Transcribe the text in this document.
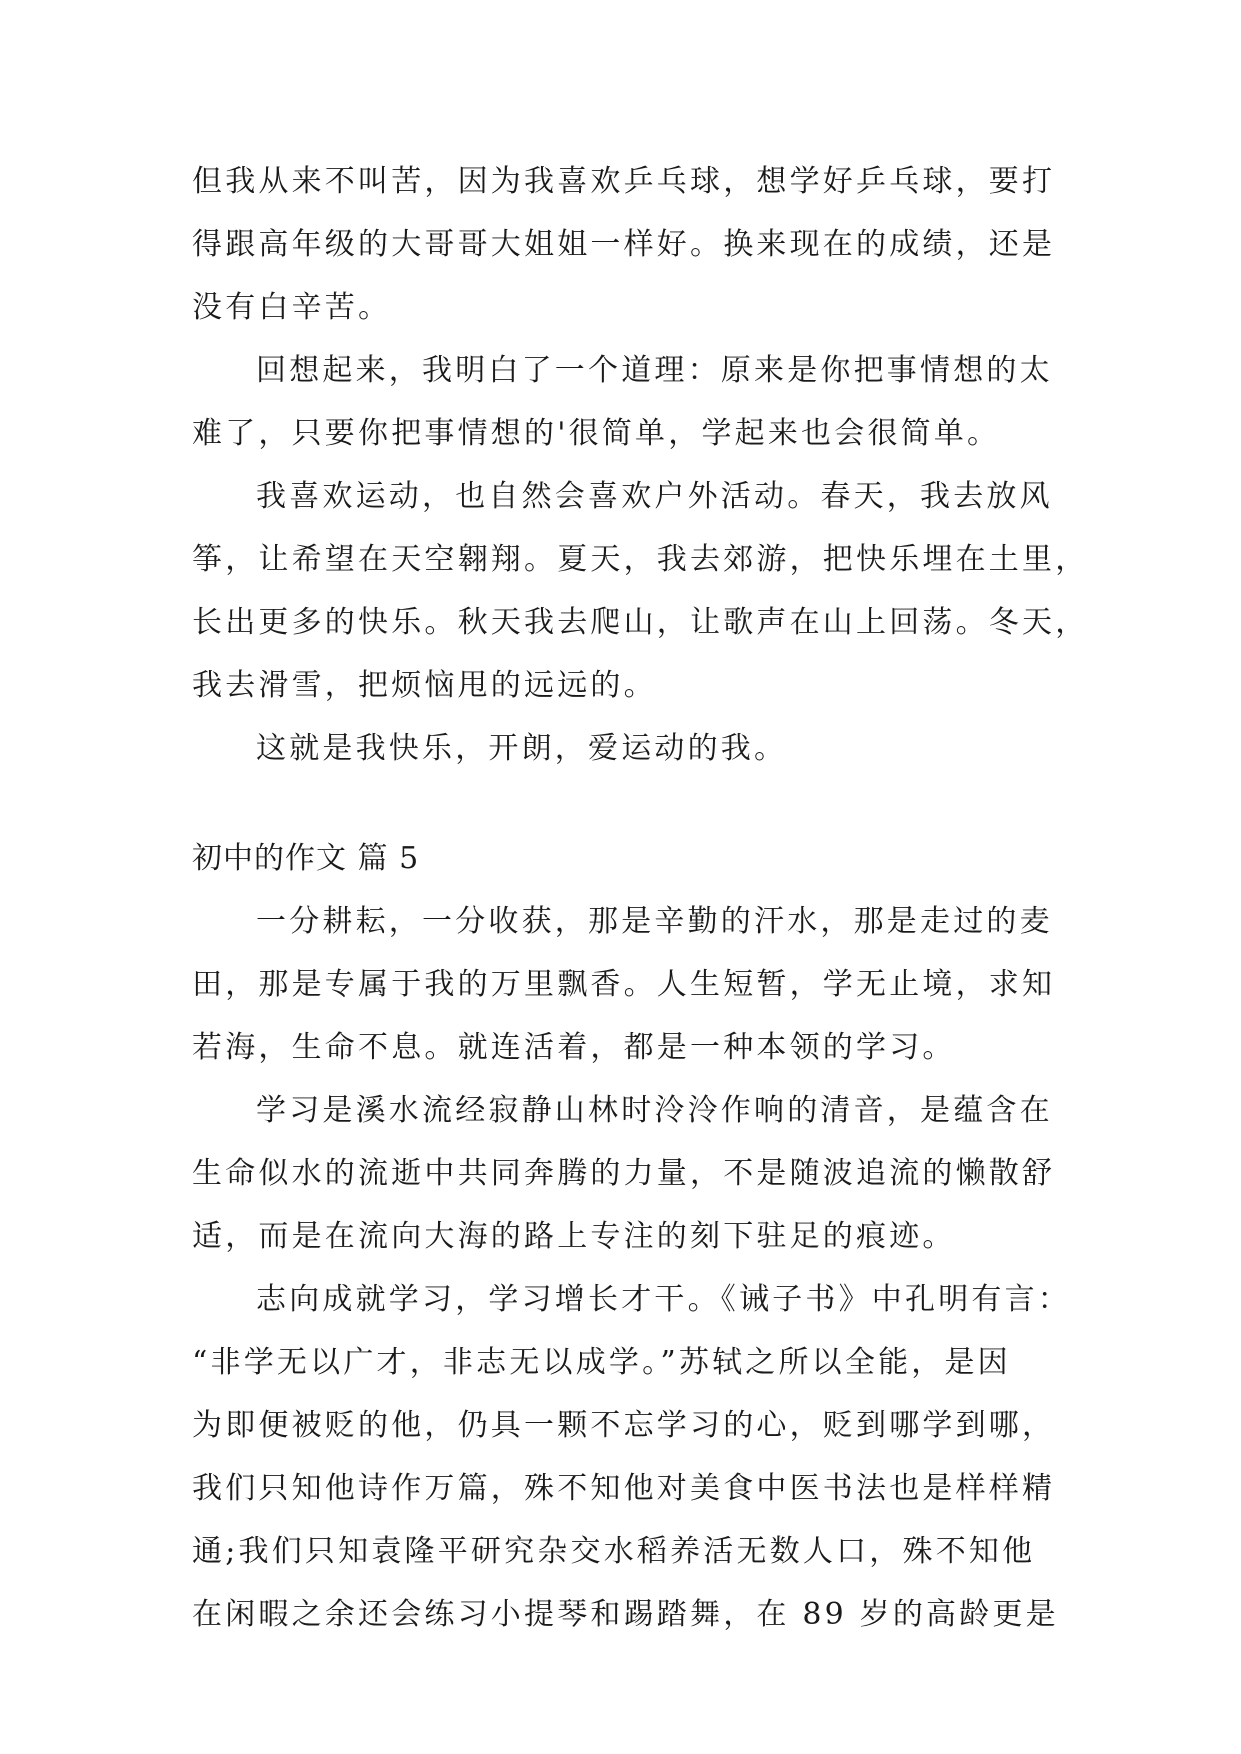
但我从来不叫苦，因为我喜欢乒乓球，想学好乒乓球，要打
得跟高年级的大哥哥大姐姐一样好。换来现在的成绩，还是
没有白辛苦。
回想起来，我明白了一个道理：原来是你把事情想的太
难了，只要你把事情想的'很简单，学起来也会很简单。
我喜欢运动，也自然会喜欢户外活动。春天，我去放风
筝，让希望在天空翱翔。夏天，我去郊游，把快乐埋在土里，
长出更多的快乐。秋天我去爬山，让歌声在山上回荡。冬天，
我去滑雪，把烦恼甩的远远的。
这就是我快乐，开朗，爱运动的我。
初中的作文 篇 5
一分耕耘，一分收获，那是辛勤的汗水，那是走过的麦
田，那是专属于我的万里飘香。人生短暂，学无止境，求知
若海，生命不息。就连活着，都是一种本领的学习。
学习是溪水流经寂静山林时泠泠作响的清音，是蕴含在
生命似水的流逝中共同奔腾的力量，不是随波追流的懒散舒
适，而是在流向大海的路上专注的刻下驻足的痕迹。
志向成就学习，学习增长才干。《诫子书》中孔明有言：
“非学无以广才，非志无以成学。”苏轼之所以全能，是因
为即便被贬的他，仍具一颗不忘学习的心，贬到哪学到哪，
我们只知他诗作万篇，殊不知他对美食中医书法也是样样精
通;我们只知袁隆平研究杂交水稻养活无数人口，殊不知他
在闲暇之余还会练习小提琴和踢踏舞，在 89 岁的高龄更是
